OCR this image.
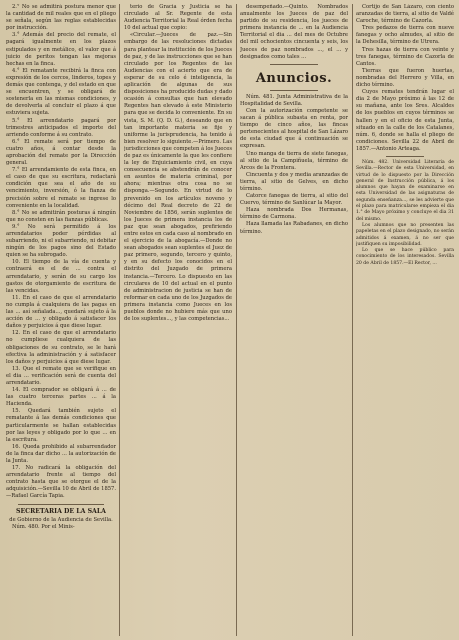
2.° No se admitirá postura menor que la cantidad de mil reales que en el pliego se señala, según las reglas establecidas por instrucción.

3.° Además del precio del remate, el pagará igualmente en los plazos estipulados y en metálico, el valor que á juicio de peritos tengan las mejoras hechas en la finca.

4.° El rematante recibirá la finca con expresión de los cercos, linderos, topes y demás que contenga, y del estado en que se encuentren, y se obligará de sostenerla en las mismas condiciones, y de devolverla al concluir el plazo á que estuviera sujeta.

5.° El arrendatario pagará por trimestres anticipados el importe del arriendo conforme á su contrato.

6.° El remate será por tiempo de cuatro años, á contar desde la aprobación del remate por la Dirección general.

7.° El arrendamiento de esta finca, en el caso de que su escritura, redactará condición que sea el año de su vencimiento, inversión, ó la fianza de precisión sobre el remate se ingrese lo conveniente en la localidad.

8.° No se admitirán posturas á ningún que no consten en las fianzas públicas.

9.° No será permitido á los arrendatarios poder pérdidas al subarriendo, ni el subarriendo, ni debitar ningún de los pagos sino del Estado quien se ha subrogado.

10. El tiempo de la vía de cuenta y contraerá es el de ... contra el arrendatario, y serán de su cargo los gastos de otorgamiento de escritura de las vencidas.

11. En el caso de que el arrendatario no cumpla á cualquiera de las pagas en las ... así señalada..., quedará sujeto á la acción de ... y obligado á satisfacer los daños y perjuicios á que diese lugar.

12. En el caso de que el arrendatario no cumpliese cualquiera de las obligaciones de su contrato, se le hará efectiva la administración y á satisfacer los daños y perjuicios á que diese lugar.

13. Que el remate que se verifique en el dia ... verificación será de cuenta del arrendatario.

14. El comprador se obligará á ... de las cuatro terceras partes ... á la Hacienda.

15. Quedará también sujeto el rematante á las demás condiciones que particularmente se hallan establecidas por las leyes y obligado por lo que ... en la escritura.

16. Queda prohibido al subarrendador de la finca dar dicho ... la autorización de la Junta.

17. No radicará la obligación del arrendatario frente al tiempo del contrato hasta que se otorgue el de la adquisición.—Sevilla 10 de Abril de 1857.—Rafael García Tapia.

SECRETARIA DE LA SALA

de Gobierno de la Audiencia de Sevilla.

Núm. 480. Por el Minis-

terio de Gracia y Justicia se ha circulado al Sr. Regente de esta Audiencia Territorial la Real órden fecha 10 del actual que copio:

«Circular.—Jueces de paz.—Sin embargo de las resoluciones dictadas para plantear la institución de los Jueces de paz, y de las instrucciones que se han circulado por los Regentes de las Audiencias con el acierto que era de esperar de su celo é inteligencia, la aplicación de algunas de sus disposiciones ha producido dudas y dado ocasión á consultas que han elevado Regentes han elevado á este Ministerio para que se decida lo conveniente. En su vista, S. M. (Q. D. G.), deseando que en tan importante materia se fije y uniforme la jurisprudencia, ha tenido á bien resolver lo siguiente.—Primero. Las jurisdicciones que competen á los Jueces de paz es únicamente la que les confiere la ley de Enjuiciamiento civil, en cuya consecuencia se abstendrán de conocer en asuntos de materia criminal, por ahora; mientras otra cosa no se disponga.—Segundo. En virtud de lo prevenido en los artículos noveno y décimo del Real decreto de 22 de Noviembre de 1856, serán suplentes de los Jueces de primera instancia los de paz que sean abogados, prefiriendo entre estos en cada caso al nombrado en el ejercicio de la abogacía.—Donde no sean abogados sean suplentes el Juez de paz primero, segundo, tercero y quinto, y en su defecto los conocidos en el distrito del Juzgado de primera instancia.—Tercero. Lo dispuesto en las circulares de 10 del actual en el punto de administracion de justicia se han de reformar en cada uno de los Juzgados de primera instancia como Jueces en los pueblos donde no hubiere más que uno de los suplentes..., y las competencias...

desempeñado.—Quinto. Nombrados anualmente los Jueces de paz del partido de su residencia, los jueces de primera instancia de ... en la Audiencia Territorial el dia ... del mes de Octubre del mil ochocientos cincuenta y seis, los Jueces de paz nombrados ..., el ... y designados como tales ...

Anuncios.

Núm. 481. Junta Administrativa de la Hospitalidad de Sevilla.

Con la autorización competente se sacan á pública subasta en renta, por tiempo de cinco años, las fincas pertenecientes al hospital de San Lázaro de esta ciudad que á continuación se expresan.

Uno manga de tierra de siete fanegas, al sitio de la Campiñuela, término de Arcos de la Frontera.

Cincuenta y dos y media aranzadas de tierra, al sitio de Gelves, en dicho término.

Catorce fanegas de tierra, al sitio del Cuervo, término de Sanlúcar la Mayor.

Haza nombrada Dos Hermanas, término de Carmona.

Haza llamada las Rabadanes, en dicho término.

Cortijo de San Lázaro, con ciento aranzadas de tierra, al sitio de Valdé Caroche, término de Cazorla.

Tres pedazos de tierra con nueve fanegas y ocho almudes, al sitio de la Dehesilla, término de Utrera.

Tres hazas de tierra con veinte y tres fanegas, término de Cazorla de Cantos.

Tierras que fueron huertas, nombradas del Herrero y Villa, en dicho término.

Cuyos remates tendrán lugar el dia 2 de Mayo próximo á las 12 de su mañana, ante los Sres. Alcaldes de los pueblos en cuyos términos se hallen y en el oficio de esta Junta, situado en la calle de los Catalanes, núm. 6, donde se halla el pliego de condiciones. Sevilla 22 de Abril de 1857.—Antonio Arteaga.

Núm. 482. Universidad Literaria de Sevilla.—Rector de esta Universidad, en virtud de lo dispuesto por la Dirección general de Instrucción pública, á los alumnos que hayan de examinarse en esta Universidad de las asignaturas de segunda enseñanza..., se les advierte que el plazo para matricularse empieza el dia 1.° de Mayo próximo y concluye el dia 31 del mismo.

Los alumnos que no presenten las papeletas en el plazo designado, no serán admitidos á examen, á no ser que justifiquen su imposibilidad.

Lo que se hace público para conocimiento de los interesados. Sevilla 20 de Abril de 1857.—El Rector, ...
